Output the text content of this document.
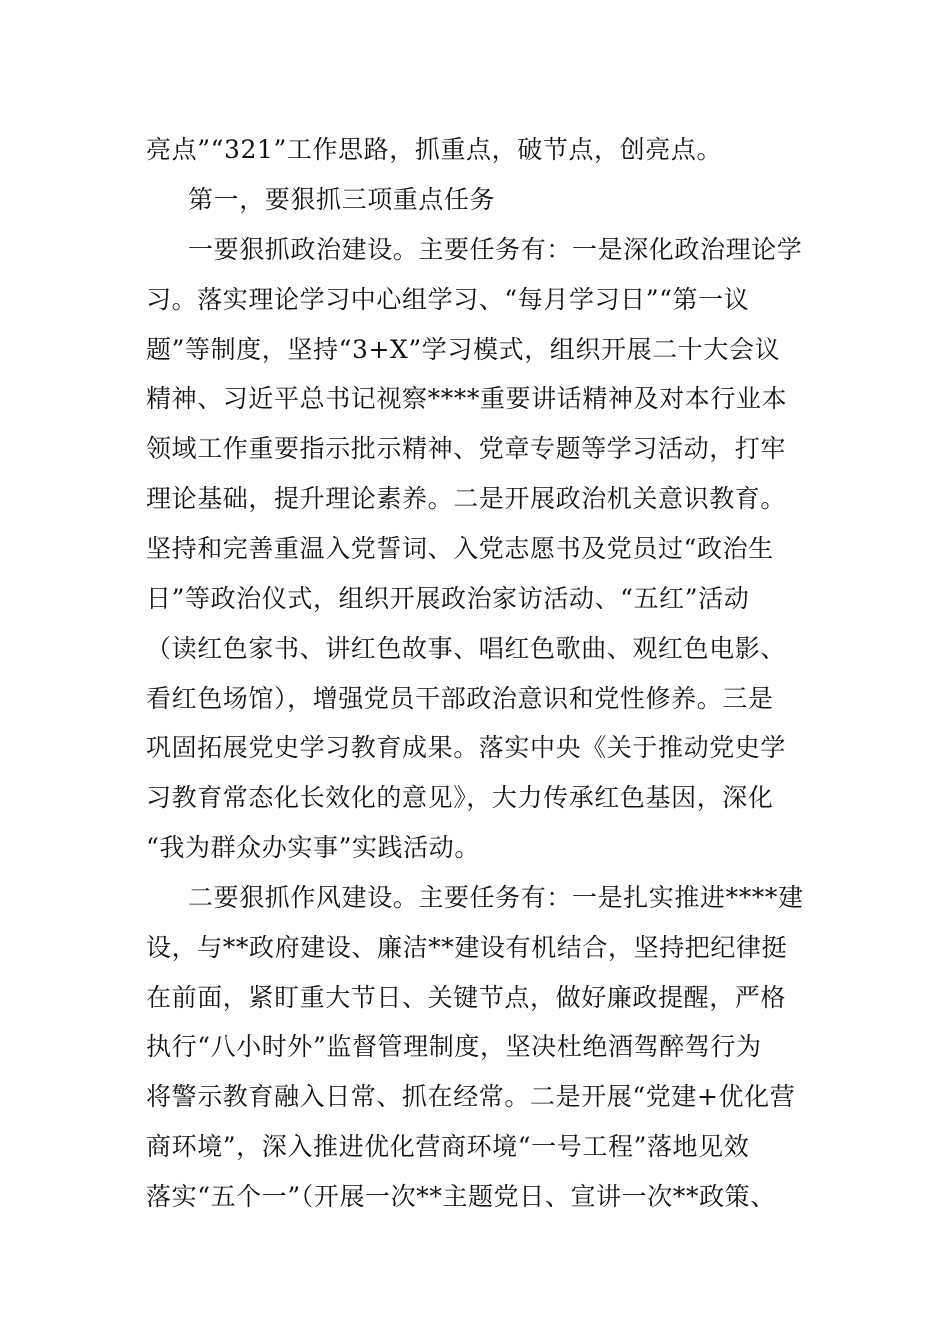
亮点”“321”工作思路，抓重点，破节点，创亮点。
第一，要狠抓三项重点任务
一要狠抓政治建设。主要任务有：一是深化政治理论学
习。落实理论学习中心组学习、“每月学习日”“第一议
题”等制度，坚持“3+X”学习模式，组织开展二十大会议
精神、习近平总书记视察****重要讲话精神及对本行业本
领域工作重要指示批示精神、党章专题等学习活动，打牢
理论基础，提升理论素养。二是开展政治机关意识教育。
坚持和完善重温入党誓词、入党志愿书及党员过“政治生
日”等政治仪式，组织开展政治家访活动、“五红”活动
（读红色家书、讲红色故事、唱红色歌曲、观红色电影、
看红色场馆），增强党员干部政治意识和党性修养。三是
巩固拓展党史学习教育成果。落实中央《关于推动党史学
习教育常态化长效化的意见》，大力传承红色基因，深化
“我为群众办实事”实践活动。
二要狠抓作风建设。主要任务有：一是扎实推进****建
设，与**政府建设、廉洁**建设有机结合，坚持把纪律挺
在前面，紧盯重大节日、关键节点，做好廉政提醒，严格
执行“八小时外”监督管理制度，坚决杜绝酒驾醉驾行为
将警示教育融入日常、抓在经常。二是开展“党建+优化营
商环境”，深入推进优化营商环境“一号工程”落地见效
落实“五个一”（开展一次**主题党日、宣讲一次**政策、
